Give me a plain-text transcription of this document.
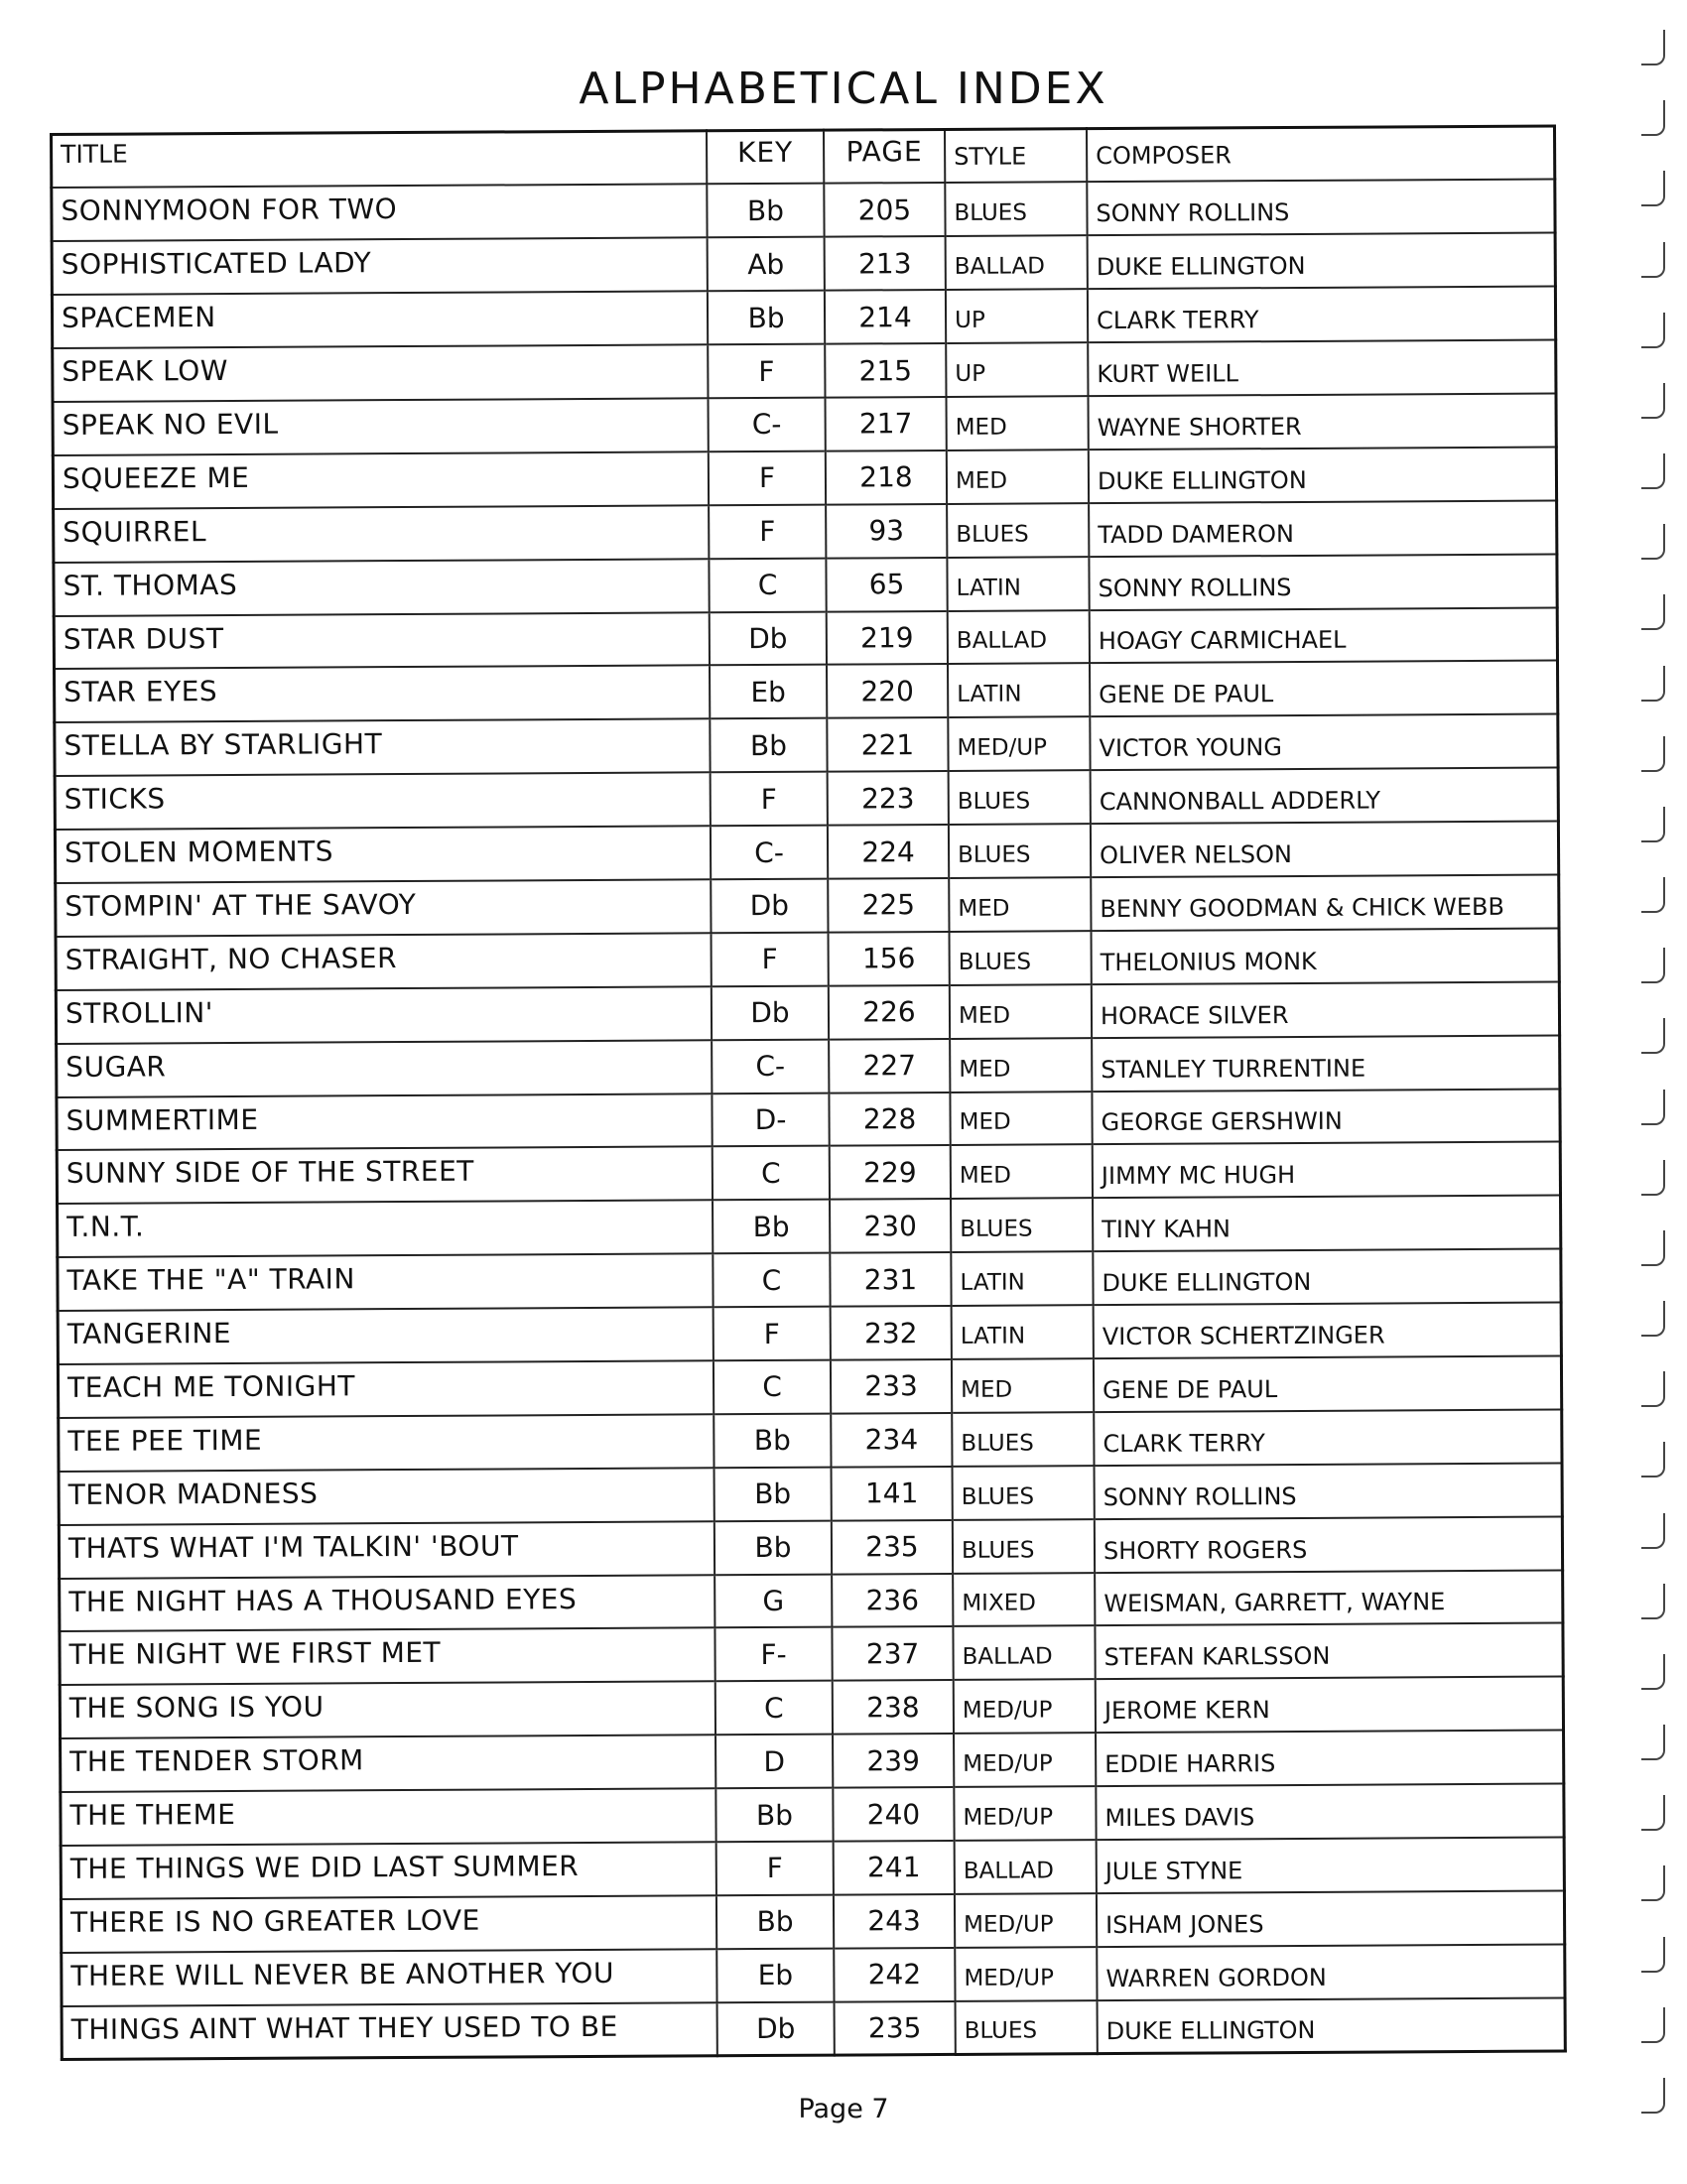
ALPHABETICAL INDEX
TITLE	KEY	PAGE	STYLE	COMPOSER
SONNYMOON FOR TWO	Bb	205	BLUES	SONNY ROLLINS
SOPHISTICATED LADY	Ab	213	BALLAD	DUKE ELLINGTON
SPACEMEN	Bb	214	UP	CLARK TERRY
SPEAK LOW	F	215	UP	KURT WEILL
SPEAK NO EVIL	C-	217	MED	WAYNE SHORTER
SQUEEZE ME	F	218	MED	DUKE ELLINGTON
SQUIRREL	F	93	BLUES	TADD DAMERON
ST. THOMAS	C	65	LATIN	SONNY ROLLINS
STAR DUST	Db	219	BALLAD	HOAGY CARMICHAEL
STAR EYES	Eb	220	LATIN	GENE DE PAUL
STELLA BY STARLIGHT	Bb	221	MED/UP	VICTOR YOUNG
STICKS	F	223	BLUES	CANNONBALL ADDERLY
STOLEN MOMENTS	C-	224	BLUES	OLIVER NELSON
STOMPIN' AT THE SAVOY	Db	225	MED	BENNY GOODMAN & CHICK WEBB
STRAIGHT, NO CHASER	F	156	BLUES	THELONIUS MONK
STROLLIN'	Db	226	MED	HORACE SILVER
SUGAR	C-	227	MED	STANLEY TURRENTINE
SUMMERTIME	D-	228	MED	GEORGE GERSHWIN
SUNNY SIDE OF THE STREET	C	229	MED	JIMMY MC HUGH
T.N.T.	Bb	230	BLUES	TINY KAHN
TAKE THE "A" TRAIN	C	231	LATIN	DUKE ELLINGTON
TANGERINE	F	232	LATIN	VICTOR SCHERTZINGER
TEACH ME TONIGHT	C	233	MED	GENE DE PAUL
TEE PEE TIME	Bb	234	BLUES	CLARK TERRY
TENOR MADNESS	Bb	141	BLUES	SONNY ROLLINS
THATS WHAT I'M TALKIN' 'BOUT	Bb	235	BLUES	SHORTY ROGERS
THE NIGHT HAS A THOUSAND EYES	G	236	MIXED	WEISMAN, GARRETT, WAYNE
THE NIGHT WE FIRST MET	F-	237	BALLAD	STEFAN KARLSSON
THE SONG IS YOU	C	238	MED/UP	JEROME KERN
THE TENDER STORM	D	239	MED/UP	EDDIE HARRIS
THE THEME	Bb	240	MED/UP	MILES DAVIS
THE THINGS WE DID LAST SUMMER	F	241	BALLAD	JULE STYNE
THERE IS NO GREATER LOVE	Bb	243	MED/UP	ISHAM JONES
THERE WILL NEVER BE ANOTHER YOU	Eb	242	MED/UP	WARREN GORDON
THINGS AINT WHAT THEY USED TO BE	Db	235	BLUES	DUKE ELLINGTON
Page 7
